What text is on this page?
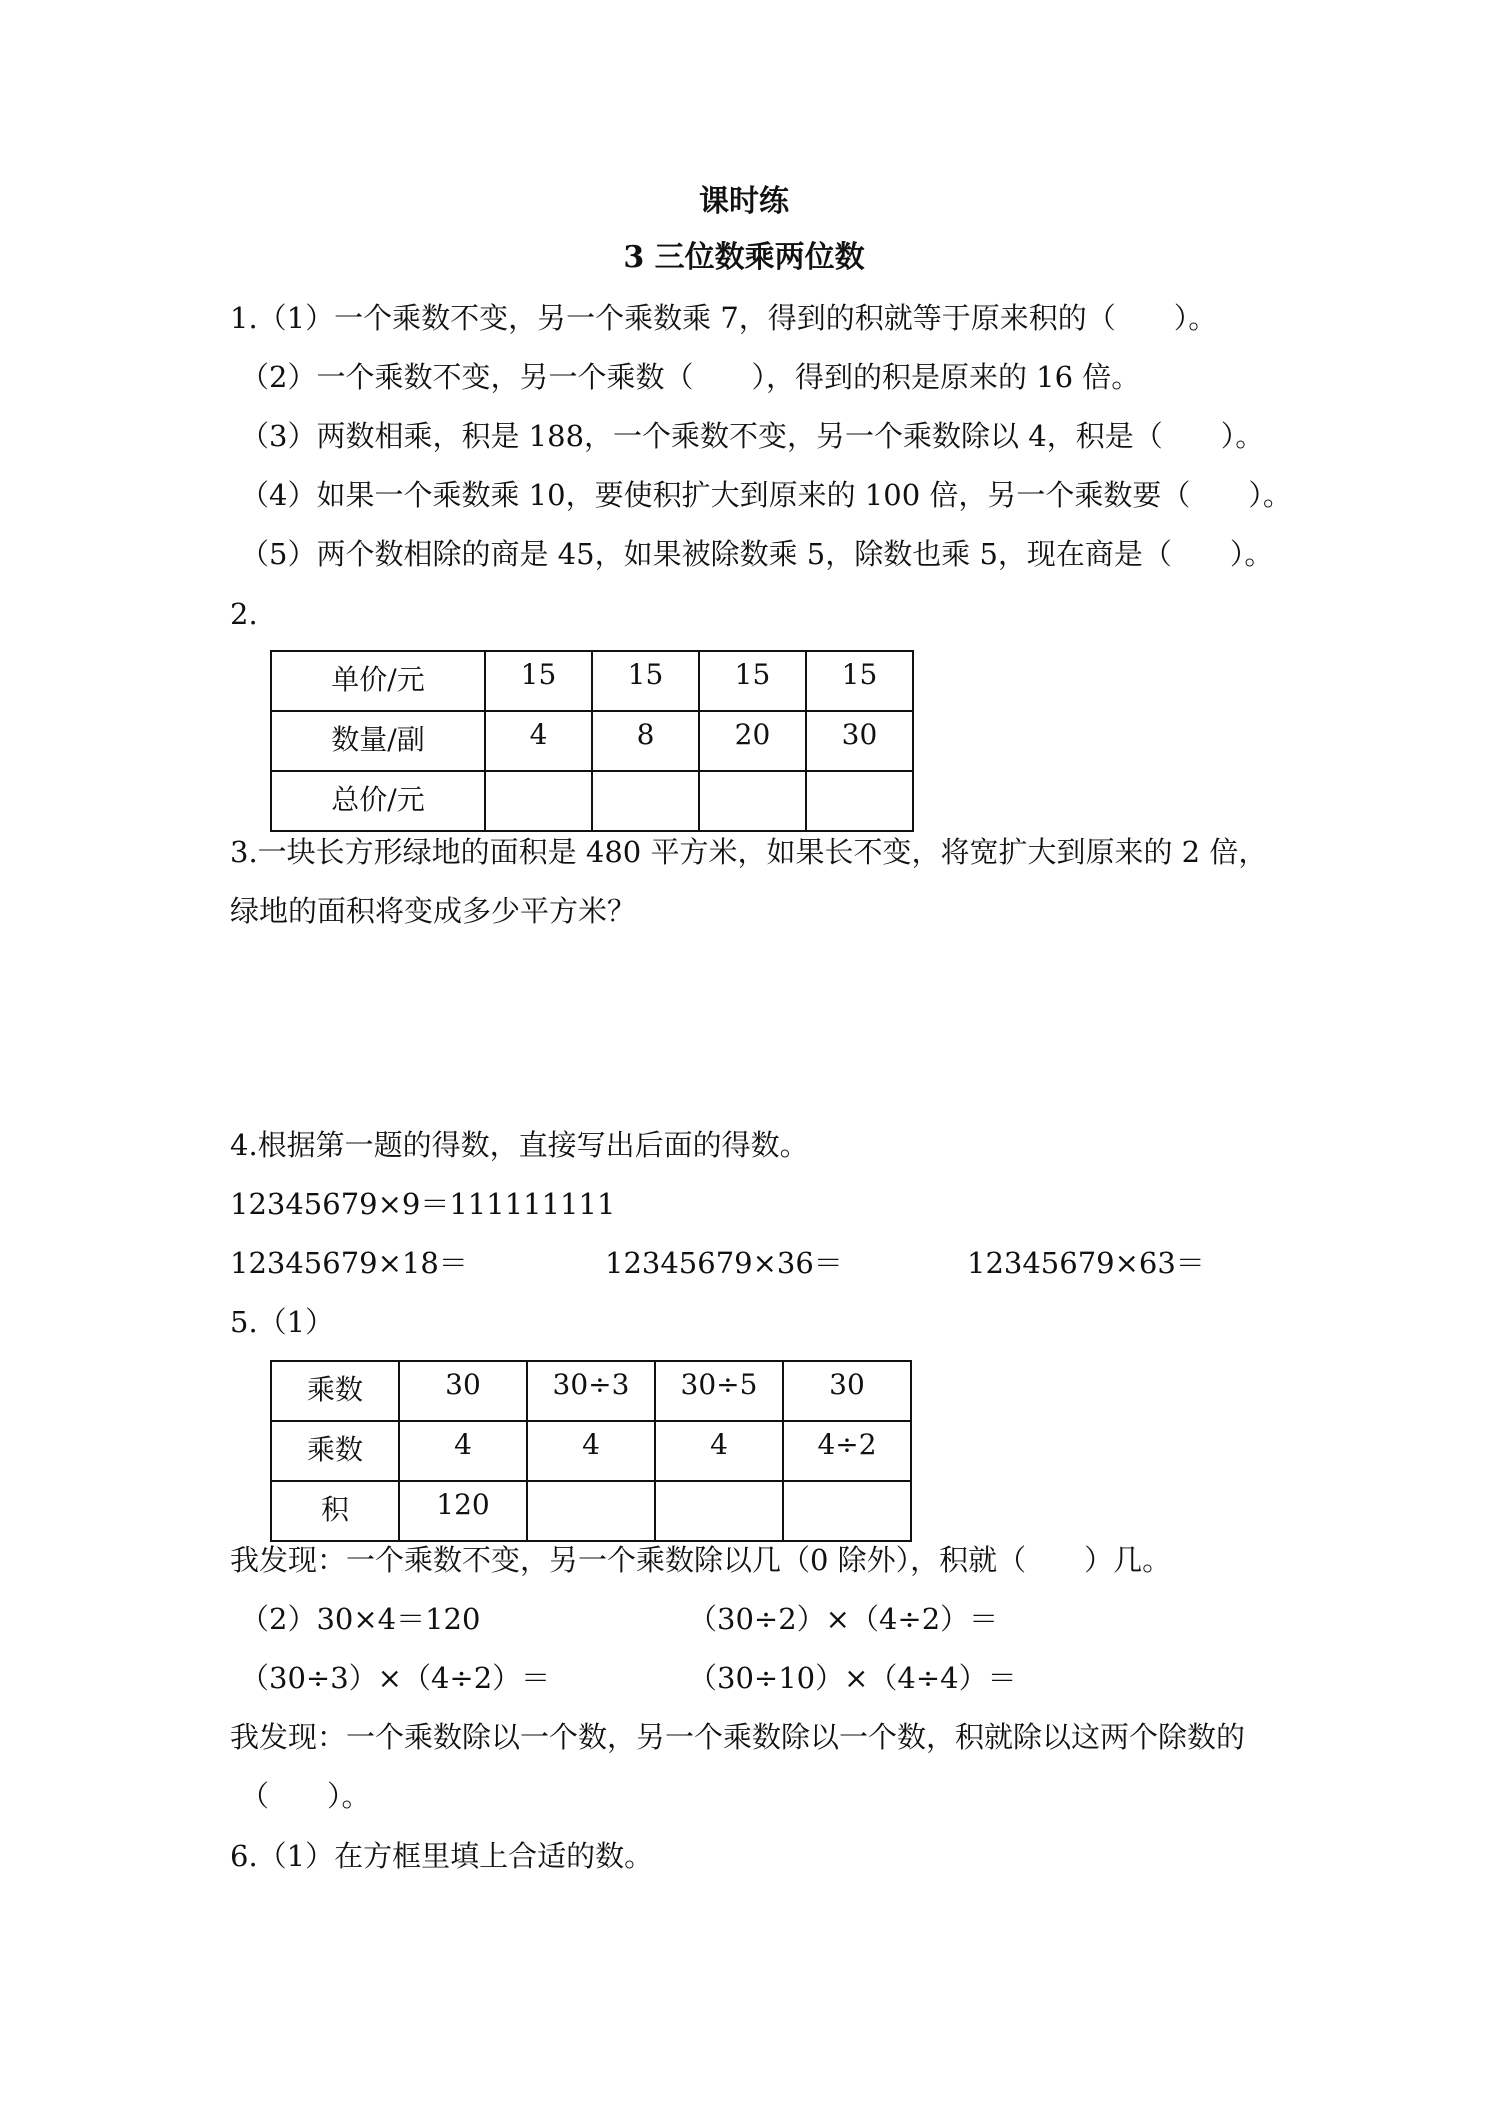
课时练
3 三位数乘两位数
1.（1）一个乘数不变，另一个乘数乘 7，得到的积就等于原来积的（　　）。
（2）一个乘数不变，另一个乘数（　　），得到的积是原来的 16 倍。
（3）两数相乘，积是 188，一个乘数不变，另一个乘数除以 4，积是（　　）。
（4）如果一个乘数乘 10，要使积扩大到原来的 100 倍，另一个乘数要（　　）。
（5）两个数相除的商是 45，如果被除数乘 5，除数也乘 5，现在商是（　　）。
2.
单价/元	15	15	15	15
数量/副	4	8	20	30
总价/元				
3.一块长方形绿地的面积是 480 平方米，如果长不变，将宽扩大到原来的 2 倍，
绿地的面积将变成多少平方米？
4.根据第一题的得数，直接写出后面的得数。
12345679×9＝111111111
12345679×18＝	12345679×36＝	12345679×63＝
5.（1）
乘数	30	30÷3	30÷5	30
乘数	4	4	4	4÷2
积	120			
我发现：一个乘数不变，另一个乘数除以几（0 除外），积就（　　）几。
（2）30×4＝120	（30÷2）×（4÷2）＝
（30÷3）×（4÷2）＝	（30÷10）×（4÷4）＝
我发现：一个乘数除以一个数，另一个乘数除以一个数，积就除以这两个除数的
（　　）。
6.（1）在方框里填上合适的数。
